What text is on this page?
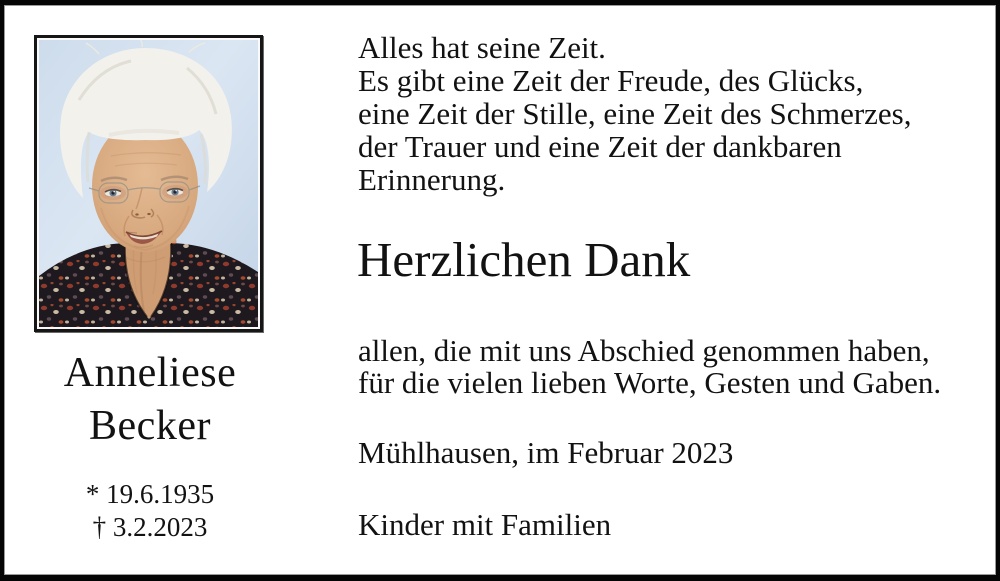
Anneliese
Becker
* 19.6.1935
† 3.2.2023
Alles hat seine Zeit.
Es gibt eine Zeit der Freude, des Glücks,
eine Zeit der Stille, eine Zeit des Schmerzes,
der Trauer und eine Zeit der dankbaren
Erinnerung.
Herzlichen Dank
allen, die mit uns Abschied genommen haben,
für die vielen lieben Worte, Gesten und Gaben.
Mühlhausen, im Februar 2023
Kinder mit Familien
